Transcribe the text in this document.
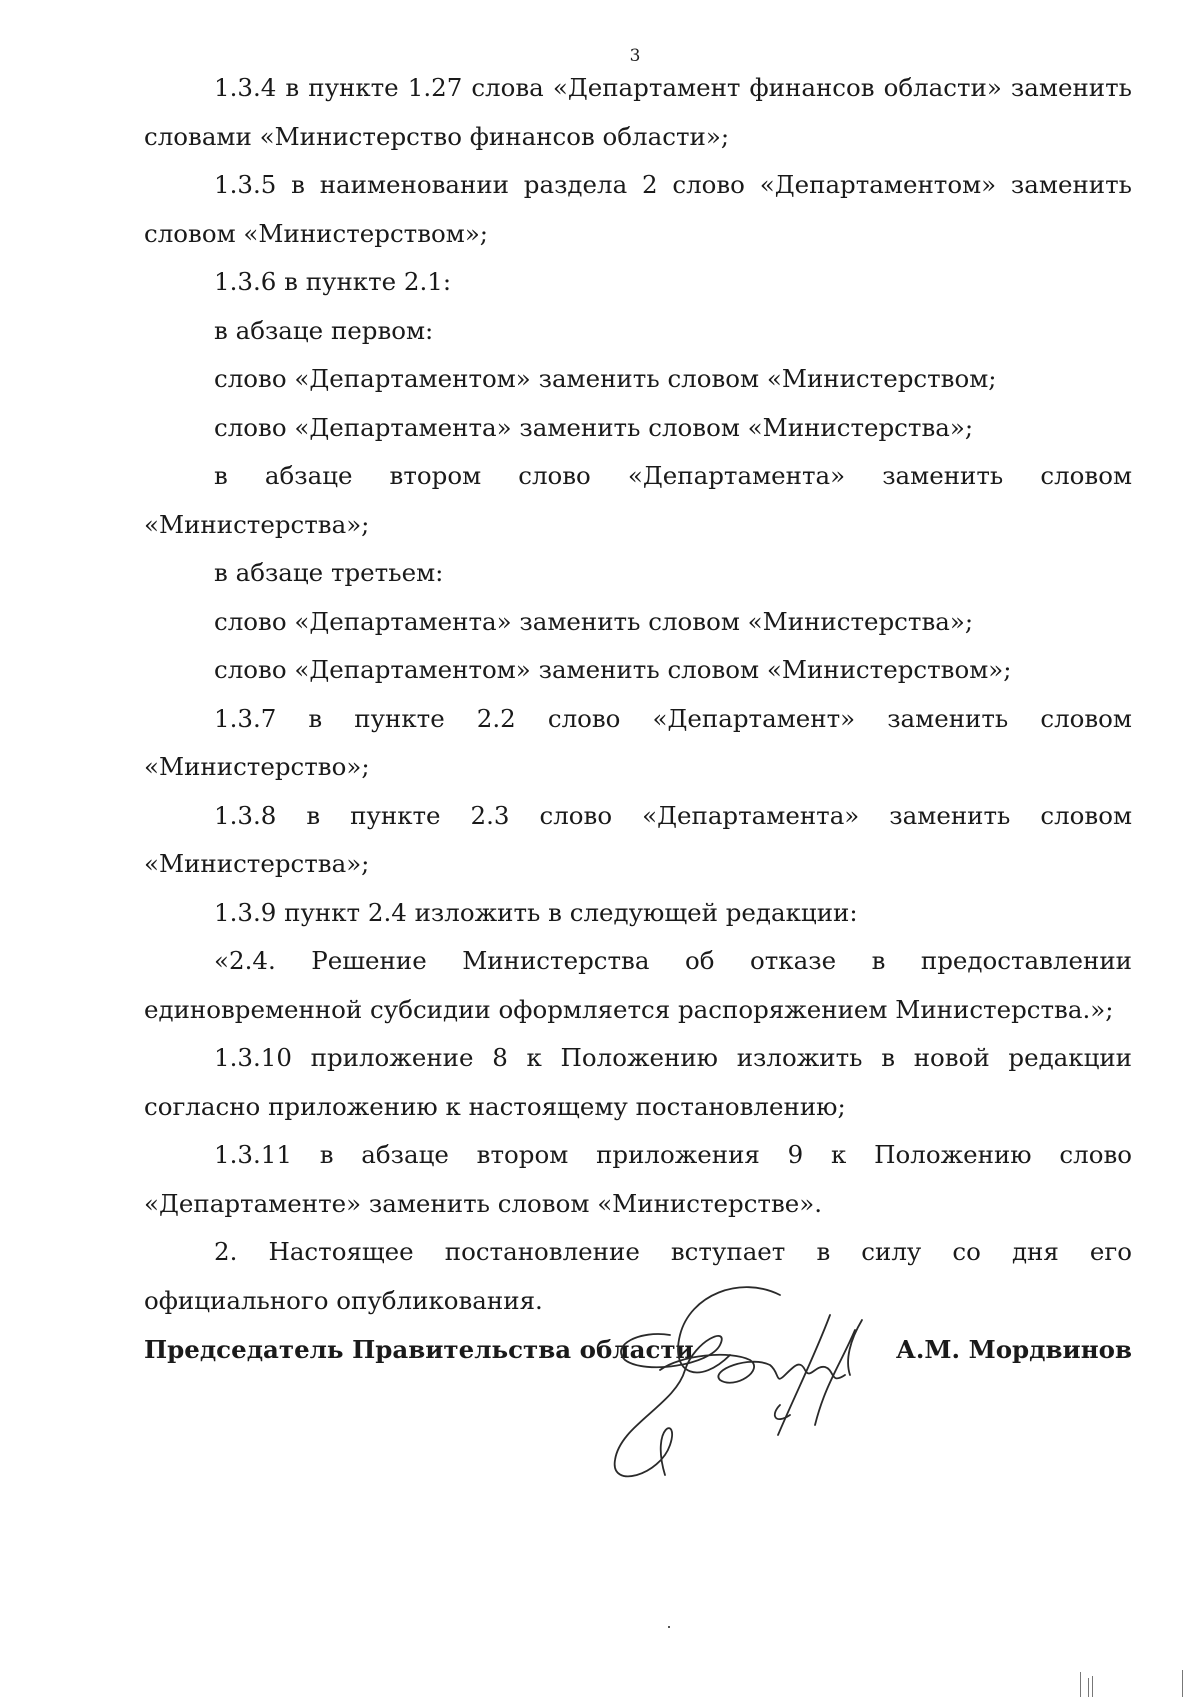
3

1.3.4 в пункте 1.27 слова «Департамент финансов области» заменить словами «Министерство финансов области»;

1.3.5 в наименовании раздела 2 слово «Департаментом» заменить словом «Министерством»;

1.3.6 в пункте 2.1:

в абзаце первом:

слово «Департаментом» заменить словом «Министерством;

слово «Департамента» заменить словом «Министерства»;

в абзаце втором слово «Департамента» заменить словом «Министерства»;

в абзаце третьем:

слово «Департамента» заменить словом «Министерства»;

слово «Департаментом» заменить словом «Министерством»;

1.3.7 в пункте 2.2 слово «Департамент» заменить словом «Министерство»;

1.3.8 в пункте 2.3 слово «Департамента» заменить словом «Министерства»;

1.3.9 пункт 2.4 изложить в следующей редакции:

«2.4. Решение Министерства об отказе в предоставлении единовременной субсидии оформляется распоряжением Министерства.»;

1.3.10 приложение 8 к Положению изложить в новой редакции согласно приложению к настоящему постановлению;

1.3.11 в абзаце втором приложения 9 к Положению слово «Департаменте» заменить словом «Министерстве».

2. Настоящее постановление вступает в силу со дня его официального опубликования.

Председатель Правительства области	А.М. Мордвинов
